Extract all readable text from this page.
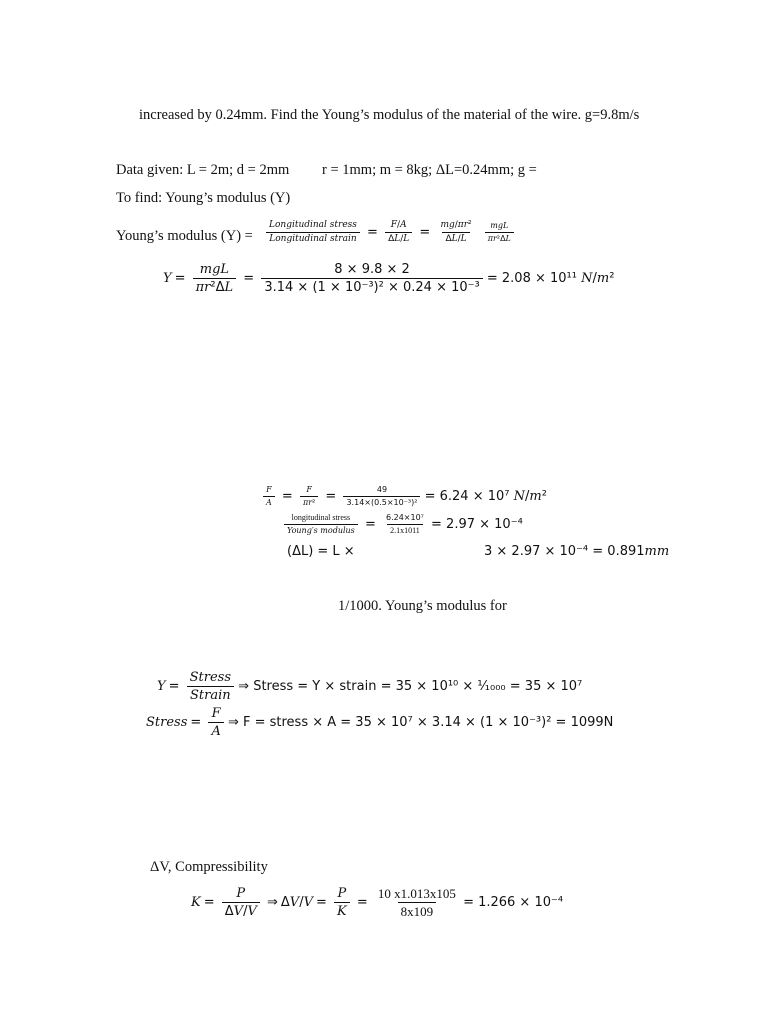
increased by 0.24mm. Find the Young’s modulus of the material of the wire. g=9.8m/s
Data given: L = 2m; d = 2mm r = 1mm; m = 8kg; ΔL=0.24mm; g =
To find: Young’s modulus (Y)
Young’s modulus (Y) =
Longitudinal stress
Longitudinal strain = $\frac{F/A}{\Delta L/L} = \frac{\text{mg/πr²}}{\Delta L/L}$
	mgL
πr²ΔL
Y =
mgL
πr²ΔL
= $\frac{8 \times 9.8 \times 2}{\text{3.14 × (1 × 10⁻³)² × 0.24 × 10⁻³}} = 2.08 \times 10^{11}$ N/m²
$\frac{F}{A} = \frac{F}{\text{πr²}} = \frac{49}{\text{3.14×(0.5×10⁻³)²}} = 6.24 \times 10^7$ N/m²
longitudinal stress
Young′s modulus = $\frac{\text{6.24×10⁷}}{2.1x1011} = 2.97 \times 10^{-4}$
(ΔL) = L ×	3 × 2.97 × 10⁻⁴ = 0.891mm
1/1000. Young’s modulus for
Y =
Stress
Strain
⇒ Stress = Y × strain = 35 × 10¹⁰ × ¹⁄₁₀₀₀ = 35 × 10⁷
Stress = $\frac{F}{A}$ ⇒ F = stress × A = 35 × 10⁷ × 3.14 × (1 × 10⁻³)² = 1099N
ΔV, Compressibility
$K = \frac{P}{\Delta V/V}$ ⇒ $\Delta V/V = \frac{P}{K} = \frac{10 x1.013x105}{8x109} = 1.266 \times 10^{-4}$
